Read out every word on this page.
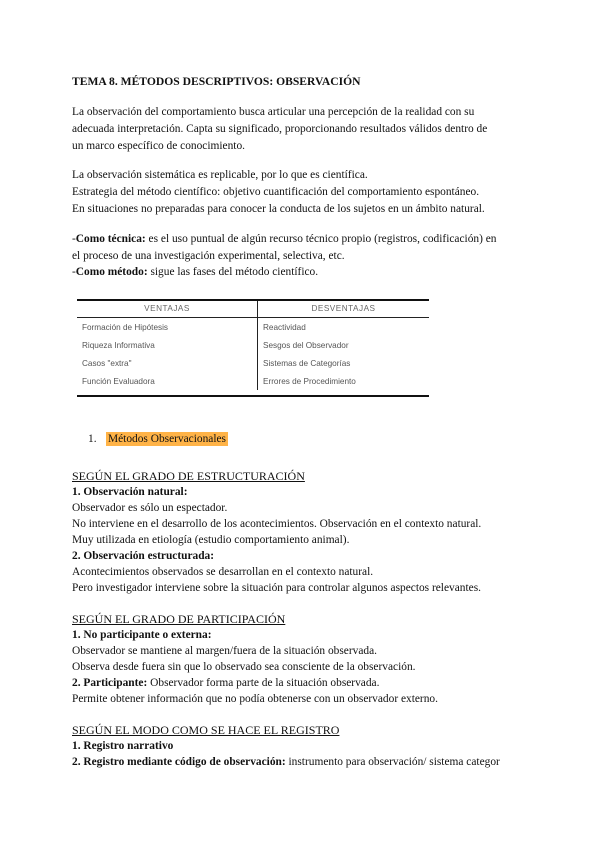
TEMA 8. MÉTODOS DESCRIPTIVOS: OBSERVACIÓN
La observación del comportamiento busca articular una percepción de la realidad con su
adecuada interpretación. Capta su significado, proporcionando resultados válidos dentro de
un marco específico de conocimiento.
La observación sistemática es replicable, por lo que es científica.
Estrategia del método científico: objetivo cuantificación del comportamiento espontáneo.
En situaciones no preparadas para conocer la conducta de los sujetos en un ámbito natural.
-Como técnica: es el uso puntual de algún recurso técnico propio (registros, codificación) en
el proceso de una investigación experimental, selectiva, etc.
-Como método: sigue las fases del método científico.
VENTAJAS	DESVENTAJAS
Formación de Hipótesis	Reactividad
Riqueza Informativa	Sesgos del Observador
Casos "extra"	Sistemas de Categorías
Función Evaluadora	Errores de Procedimiento
1. Métodos Observacionales
SEGÚN EL GRADO DE ESTRUCTURACIÓN
1. Observación natural:
Observador es sólo un espectador.
No interviene en el desarrollo de los acontecimientos. Observación en el contexto natural.
Muy utilizada en etiología (estudio comportamiento animal).
2. Observación estructurada:
Acontecimientos observados se desarrollan en el contexto natural.
Pero investigador interviene sobre la situación para controlar algunos aspectos relevantes.
SEGÚN EL GRADO DE PARTICIPACIÓN
1. No participante o externa:
Observador se mantiene al margen/fuera de la situación observada.
Observa desde fuera sin que lo observado sea consciente de la observación.
2. Participante: Observador forma parte de la situación observada.
Permite obtener información que no podía obtenerse con un observador externo.
SEGÚN EL MODO COMO SE HACE EL REGISTRO
1. Registro narrativo
2. Registro mediante código de observación: instrumento para observación/ sistema categor
